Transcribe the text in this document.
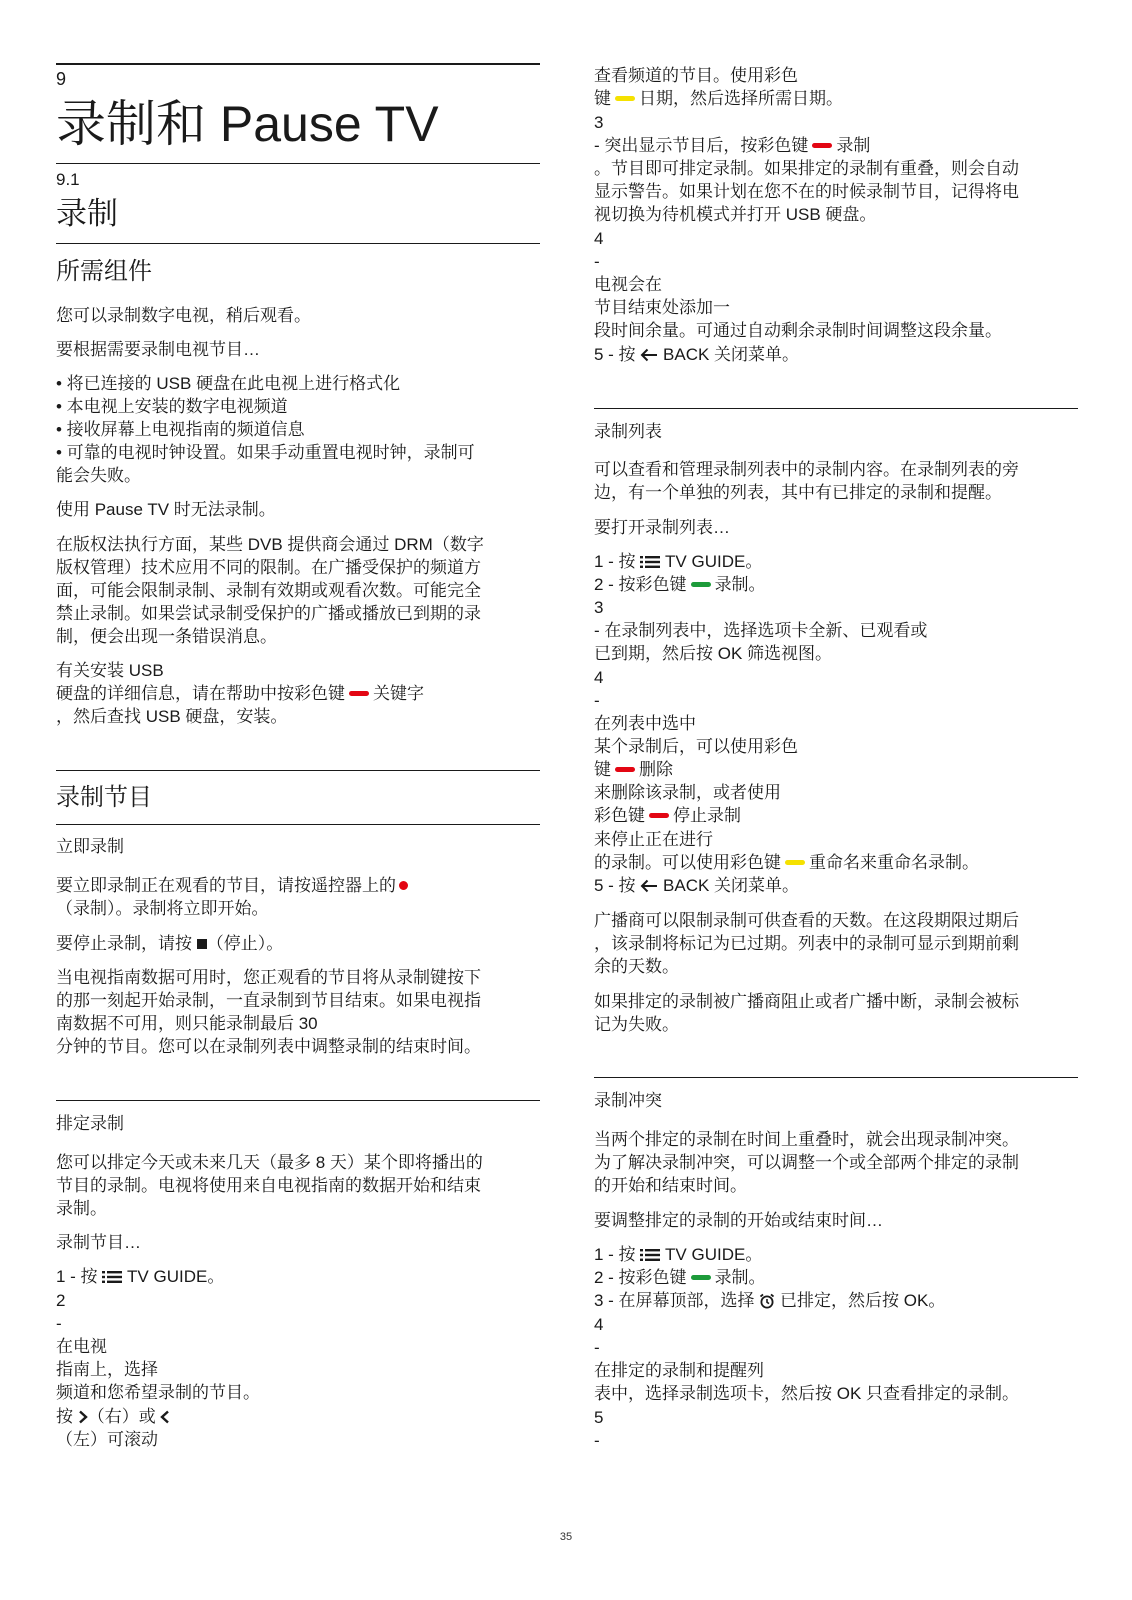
9
录制和 Pause TV
9.1
录制
所需组件
您可以录制数字电视，稍后观看。
要根据需要录制电视节目…
• 将已连接的 USB 硬盘在此电视上进行格式化
• 本电视上安装的数字电视频道
• 接收屏幕上电视指南的频道信息
• 可靠的电视时钟设置。如果手动重置电视时钟，录制可
能会失败。
使用 Pause TV 时无法录制。
在版权法执行方面，某些 DVB 提供商会通过 DRM（数字
版权管理）技术应用不同的限制。在广播受保护的频道方
面，可能会限制录制、录制有效期或观看次数。可能完全
禁止录制。如果尝试录制受保护的广播或播放已到期的录
制，便会出现一条错误消息。
有关安装 USB
硬盘的详细信息，请在帮助中按彩色键 关键字
，然后查找 USB 硬盘，安装。
录制节目
立即录制
要立即录制正在观看的节目，请按遥控器上的
（录制）。录制将立即开始。
要停止录制，请按 （停止）。
当电视指南数据可用时，您正观看的节目将从录制键按下
的那一刻起开始录制，一直录制到节目结束。如果电视指
南数据不可用，则只能录制最后 30
分钟的节目。您可以在录制列表中调整录制的结束时间。
排定录制
您可以排定今天或未来几天（最多 8 天）某个即将播出的
节目的录制。电视将使用来自电视指南的数据开始和结束
录制。
录制节目…
1 - 按 TV GUIDE。
2
-
在电视
指南上，选择
频道和您希望录制的节目。
按 （右）或
（左）可滚动
查看频道的节目。使用彩色
键 日期，然后选择所需日期。
3
- 突出显示节目后，按彩色键 录制
。节目即可排定录制。如果排定的录制有重叠，则会自动
显示警告。如果计划在您不在的时候录制节目，记得将电
视切换为待机模式并打开 USB 硬盘。
4
-
电视会在
节目结束处添加一
段时间余量。可通过自动剩余录制时间调整这段余量。
5 - 按 BACK 关闭菜单。
录制列表
可以查看和管理录制列表中的录制内容。在录制列表的旁
边，有一个单独的列表，其中有已排定的录制和提醒。
要打开录制列表…
1 - 按 TV GUIDE。
2 - 按彩色键 录制。
3
- 在录制列表中，选择选项卡全新、已观看或
已到期，然后按 OK 筛选视图。
4
-
在列表中选中
某个录制后，可以使用彩色
键 删除
来删除该录制，或者使用
彩色键 停止录制
来停止正在进行
的录制。可以使用彩色键 重命名来重命名录制。
5 - 按 BACK 关闭菜单。
广播商可以限制录制可供查看的天数。在这段期限过期后
，该录制将标记为已过期。列表中的录制可显示到期前剩
余的天数。
如果排定的录制被广播商阻止或者广播中断，录制会被标
记为失败。
录制冲突
当两个排定的录制在时间上重叠时，就会出现录制冲突。
为了解决录制冲突，可以调整一个或全部两个排定的录制
的开始和结束时间。
要调整排定的录制的开始或结束时间…
1 - 按 TV GUIDE。
2 - 按彩色键 录制。
3 - 在屏幕顶部，选择 已排定，然后按 OK。
4
-
在排定的录制和提醒列
表中，选择录制选项卡，然后按 OK 只查看排定的录制。
5
-
35
